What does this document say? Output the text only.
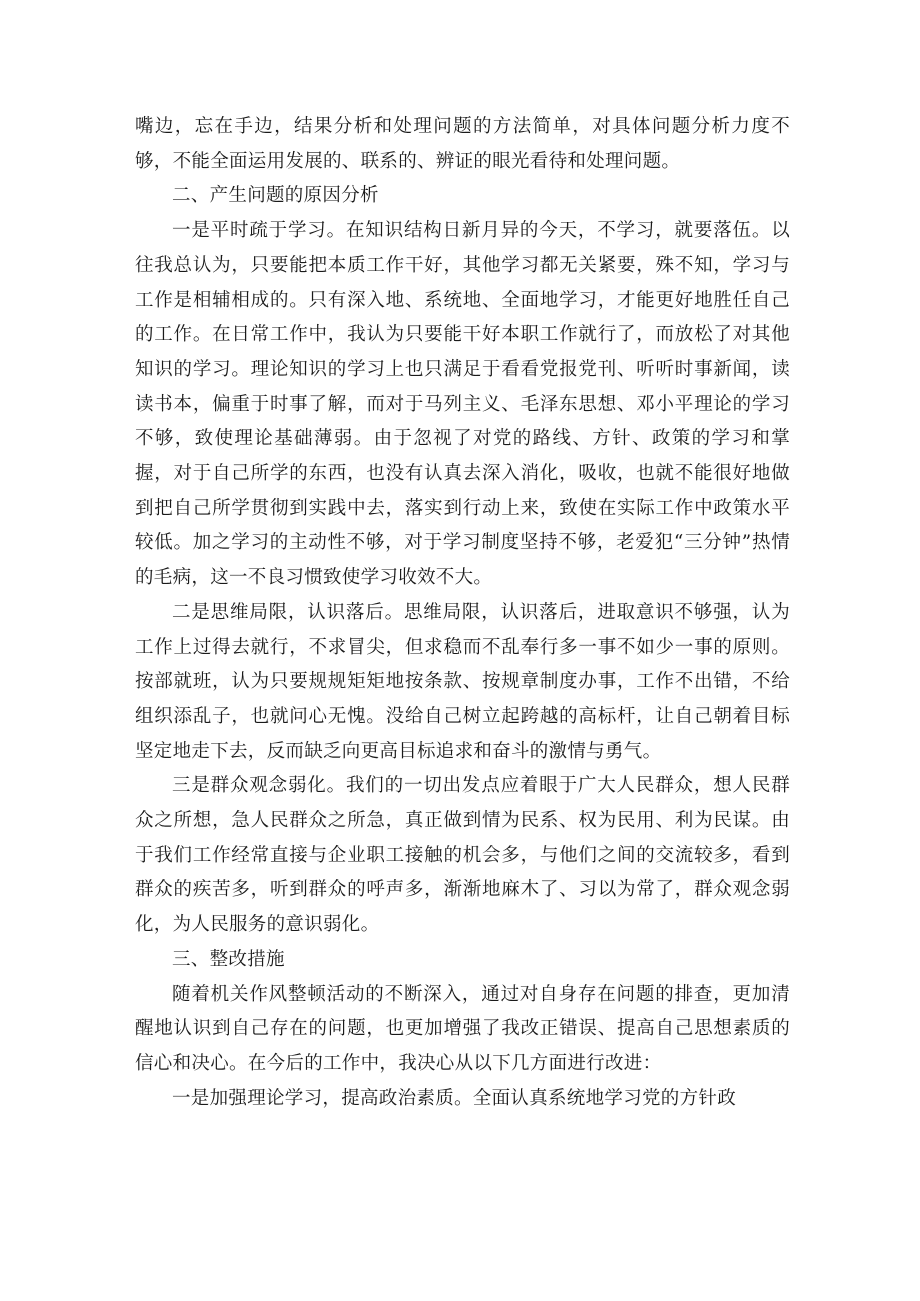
嘴边，忘在手边，结果分析和处理问题的方法简单，对具体问题分析力度不够，不能全面运用发展的、联系的、辨证的眼光看待和处理问题。

二、产生问题的原因分析

一是平时疏于学习。在知识结构日新月异的今天，不学习，就要落伍。以往我总认为，只要能把本质工作干好，其他学习都无关紧要，殊不知，学习与工作是相辅相成的。只有深入地、系统地、全面地学习，才能更好地胜任自己的工作。在日常工作中，我认为只要能干好本职工作就行了，而放松了对其他知识的学习。理论知识的学习上也只满足于看看党报党刊、听听时事新闻，读读书本，偏重于时事了解，而对于马列主义、毛泽东思想、邓小平理论的学习不够，致使理论基础薄弱。由于忽视了对党的路线、方针、政策的学习和掌握，对于自己所学的东西，也没有认真去深入消化，吸收，也就不能很好地做到把自己所学贯彻到实践中去，落实到行动上来，致使在实际工作中政策水平较低。加之学习的主动性不够，对于学习制度坚持不够，老爱犯“三分钟”热情的毛病，这一不良习惯致使学习收效不大。

二是思维局限，认识落后。思维局限，认识落后，进取意识不够强，认为工作上过得去就行，不求冒尖，但求稳而不乱奉行多一事不如少一事的原则。按部就班，认为只要规规矩矩地按条款、按规章制度办事，工作不出错，不给组织添乱子，也就问心无愧。没给自己树立起跨越的高标杆，让自己朝着目标坚定地走下去，反而缺乏向更高目标追求和奋斗的激情与勇气。

三是群众观念弱化。我们的一切出发点应着眼于广大人民群众，想人民群众之所想，急人民群众之所急，真正做到情为民系、权为民用、利为民谋。由于我们工作经常直接与企业职工接触的机会多，与他们之间的交流较多，看到群众的疾苦多，听到群众的呼声多，渐渐地麻木了、习以为常了，群众观念弱化，为人民服务的意识弱化。

三、整改措施

随着机关作风整顿活动的不断深入，通过对自身存在问题的排查，更加清醒地认识到自己存在的问题，也更加增强了我改正错误、提高自己思想素质的信心和决心。在今后的工作中，我决心从以下几方面进行改进：

一是加强理论学习，提高政治素质。全面认真系统地学习党的方针政
